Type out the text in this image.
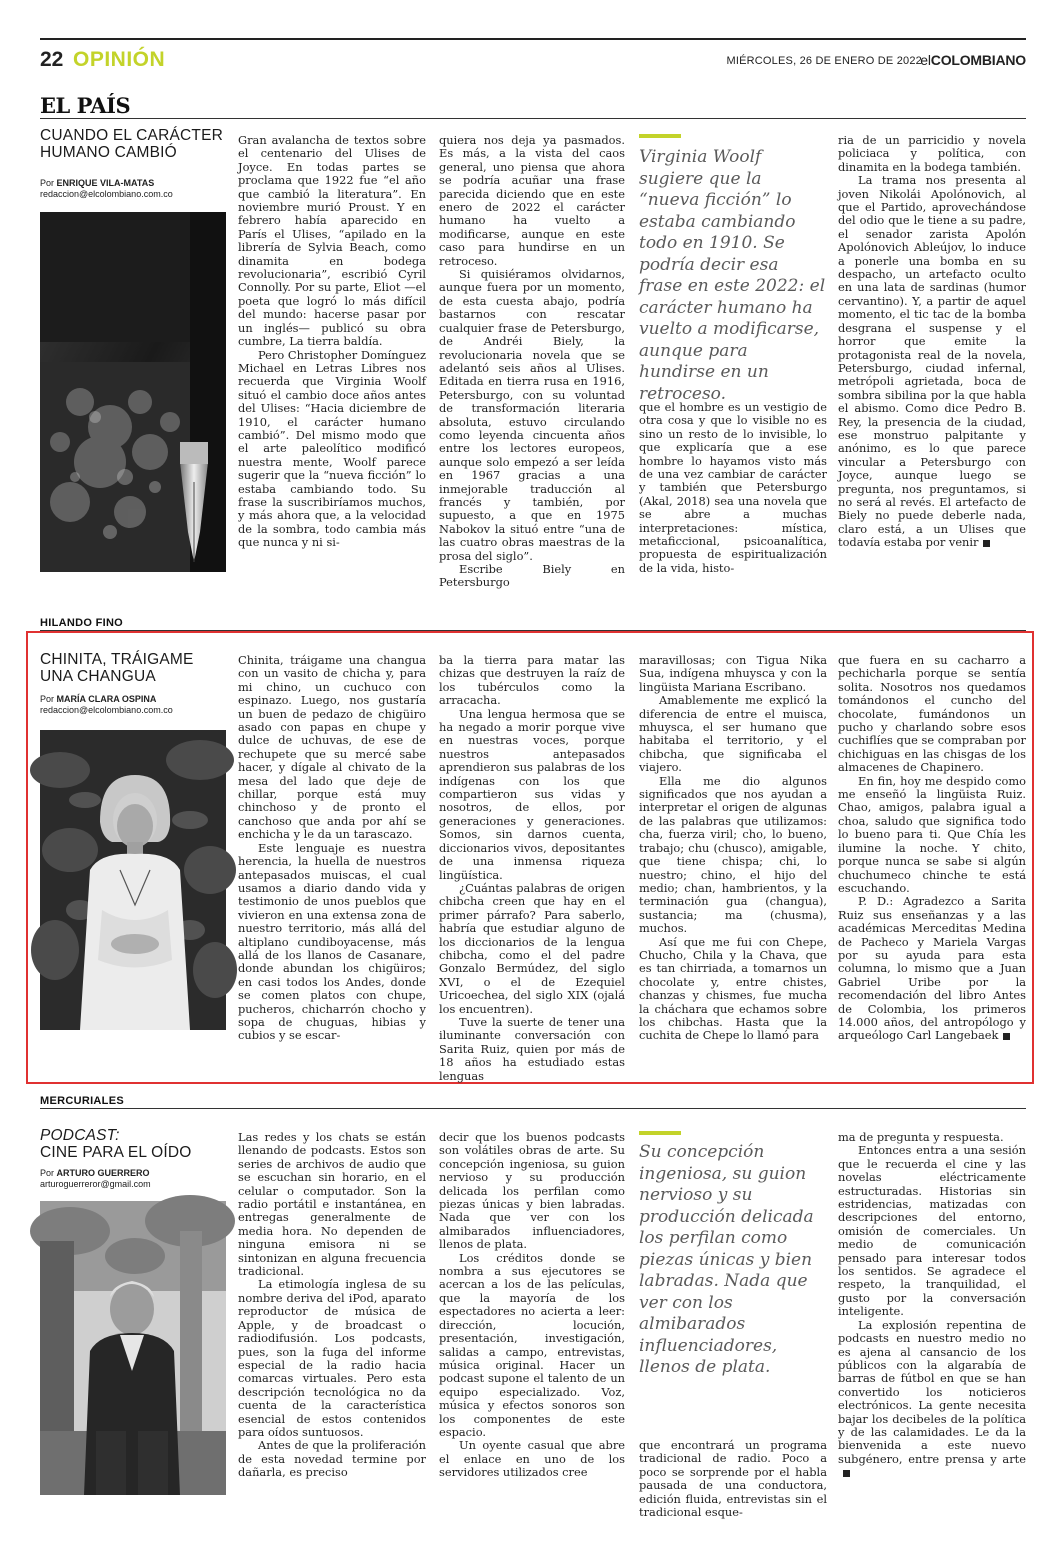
22 OPINIÓN	MIÉRCOLES, 26 DE ENERO DE 2022
elCOLOMBIANO
EL PAÍS
CUANDO EL CARÁCTER HUMANO CAMBIÓ
Por ENRIQUE VILA-MATAS
redaccion@elcolombiano.com.co

Gran avalancha de textos sobre el centenario del Ulises de Joyce. En todas partes se proclama que 1922 fue “el año que cambió la literatura”. En noviembre murió Proust. Y en febrero había aparecido en París el Ulises, “apilado en la librería de Sylvia Beach, como dinamita en bodega revolucionaria”, escribió Cyril Connolly. Por su parte, Eliot —el poeta que logró lo más difícil del mundo: hacerse pasar por un inglés— publicó su obra cumbre, La tierra baldía.

Pero Christopher Domínguez Michael en Letras Libres nos recuerda que Virginia Woolf situó el cambio doce años antes del Ulises: “Hacia diciembre de 1910, el carácter humano cambió”. Del mismo modo que el arte paleolítico modificó nuestra mente, Woolf parece sugerir que la “nueva ficción” lo estaba cambiando todo. Su frase la suscribiríamos muchos, y más ahora que, a la velocidad de la sombra, todo cambia más que nunca y ni si-

quiera nos deja ya pasmados. Es más, a la vista del caos general, uno piensa que ahora se podría acuñar una frase parecida diciendo que en este enero de 2022 el carácter humano ha vuelto a modificarse, aunque en este caso para hundirse en un retroceso.

Si quisiéramos olvidarnos, aunque fuera por un momento, de esta cuesta abajo, podría bastarnos con rescatar cualquier frase de Petersburgo, de Andréi Biely, la revolucionaria novela que se adelantó seis años al Ulises. Editada en tierra rusa en 1916, Petersburgo, con su voluntad de transformación literaria absoluta, estuvo circulando como leyenda cincuenta años entre los lectores europeos, aunque solo empezó a ser leída en 1967 gracias a una inmejorable traducción al francés y también, por supuesto, a que en 1975 Nabokov la situó entre “una de las cuatro obras maestras de la prosa del siglo”.

Escribe Biely en Petersburgo

Virginia Woolf sugiere que la “nueva ficción” lo estaba cambiando todo en 1910. Se podría decir esa frase en este 2022: el carácter humano ha vuelto a modificarse, aunque para hundirse en un retroceso.

que el hombre es un vestigio de otra cosa y que lo visible no es sino un resto de lo invisible, lo que explicaría que a ese hombre lo hayamos visto más de una vez cambiar de carácter y también que Petersburgo (Akal, 2018) sea una novela que se abre a muchas interpretaciones: mística, metaficcional, psicoanalítica, propuesta de espiritualización de la vida, histo-

ria de un parricidio y novela policiaca y política, con dinamita en la bodega también.

La trama nos presenta al joven Nikolái Apolónovich, al que el Partido, aprovechándose del odio que le tiene a su padre, el senador zarista Apolón Apolónovich Ableújov, lo induce a ponerle una bomba en su despacho, un artefacto oculto en una lata de sardinas (humor cervantino). Y, a partir de aquel momento, el tic tac de la bomba desgrana el suspense y el horror que emite la protagonista real de la novela, Petersburgo, ciudad infernal, metrópoli agrietada, boca de sombra sibilina por la que habla el abismo. Como dice Pedro B. Rey, la presencia de la ciudad, ese monstruo palpitante y anónimo, es lo que parece vincular a Petersburgo con Joyce, aunque luego se pregunta, nos preguntamos, si no será al revés. El artefacto de Biely no puede deberle nada, claro está, a un Ulises que todavía estaba por venir

HILANDO FINO
CHINITA, TRÁIGAME UNA CHANGUA
Por MARÍA CLARA OSPINA
redaccion@elcolombiano.com.co

Chinita, tráigame una changua con un vasito de chicha y, para mi chino, un cuchuco con espinazo. Luego, nos gustaría un buen de pedazo de chigüiro asado con papas en chupe y dulce de uchuvas, de ese de rechupete que su mercé sabe hacer, y dígale al chivato de la mesa del lado que deje de chillar, porque está muy chinchoso y de pronto el canchoso que anda por ahí se enchicha y le da un tarascazo.

Este lenguaje es nuestra herencia, la huella de nuestros antepasados muiscas, el cual usamos a diario dando vida y testimonio de unos pueblos que vivieron en una extensa zona de nuestro territorio, más allá del altiplano cundiboyacense, más allá de los llanos de Casanare, donde abundan los chigüiros; en casi todos los Andes, donde se comen platos con chupe, pucheros, chicharrón chocho y sopa de chuguas, hibias y cubios y se escar-

ba la tierra para matar las chizas que destruyen la raíz de los tubérculos como la arracacha.

Una lengua hermosa que se ha negado a morir porque vive en nuestras voces, porque nuestros antepasados aprendieron sus palabras de los indígenas con los que compartieron sus vidas y nosotros, de ellos, por generaciones y generaciones. Somos, sin darnos cuenta, diccionarios vivos, depositantes de una inmensa riqueza lingüística.

¿Cuántas palabras de origen chibcha creen que hay en el primer párrafo? Para saberlo, habría que estudiar alguno de los diccionarios de la lengua chibcha, como el del padre Gonzalo Bermúdez, del siglo XVI, o el de Ezequiel Uricoechea, del siglo XIX (ojalá los encuentren).

Tuve la suerte de tener una iluminante conversación con Sarita Ruiz, quien por más de 18 años ha estudiado estas lenguas

maravillosas; con Tigua Nika Sua, indígena mhuysca y con la lingüista Mariana Escribano.

Amablemente me explicó la diferencia de entre el muisca, mhuysca, el ser humano que habitaba el territorio, y el chibcha, que significaba el viajero.

Ella me dio algunos significados que nos ayudan a interpretar el origen de algunas de las palabras que utilizamos: cha, fuerza viril; cho, lo bueno, trabajo; chu (chusco), amigable, que tiene chispa; chi, lo nuestro; chino, el hijo del medio; chan, hambrientos, y la terminación gua (changua), sustancia; ma (chusma), muchos.

Así que me fui con Chepe, Chucho, Chila y la Chava, que es tan chirriada, a tomarnos un chocolate y, entre chistes, chanzas y chismes, fue mucha la cháchara que echamos sobre los chibchas. Hasta que la cuchita de Chepe lo llamó para

que fuera en su cacharro a pechicharla porque se sentía solita. Nosotros nos quedamos tomándonos el cuncho del chocolate, fumándonos un pucho y charlando sobre esos cuchiflíes que se compraban por chichiguas en las chisgas de los almacenes de Chapinero.

En fin, hoy me despido como me enseñó la lingüista Ruiz. Chao, amigos, palabra igual a choa, saludo que significa todo lo bueno para ti. Que Chía les ilumine la noche. Y chito, porque nunca se sabe si algún chuchumeco chinche te está escuchando.

P. D.: Agradezco a Sarita Ruiz sus enseñanzas y a las académicas Merceditas Medina de Pacheco y Mariela Vargas por su ayuda para esta columna, lo mismo que a Juan Gabriel Uribe por la recomendación del libro Antes de Colombia, los primeros 14.000 años, del antropólogo y arqueólogo Carl Langebaek

MERCURIALES
PODCAST:
CINE PARA EL OÍDO
Por ARTURO GUERRERO
arturoguerreror@gmail.com

Las redes y los chats se están llenando de podcasts. Estos son series de archivos de audio que se escuchan sin horario, en el celular o computador. Son la radio portátil e instantánea, en entregas generalmente de media hora. No dependen de ninguna emisora ni se sintonizan en alguna frecuencia tradicional.

La etimología inglesa de su nombre deriva del iPod, aparato reproductor de música de Apple, y de broadcast o radiodifusión. Los podcasts, pues, son la fuga del informe especial de la radio hacia comarcas virtuales. Pero esta descripción tecnológica no da cuenta de la característica esencial de estos contenidos para oídos suntuosos.

Antes de que la proliferación de esta novedad termine por dañarla, es preciso

decir que los buenos podcasts son volátiles obras de arte. Su concepción ingeniosa, su guion nervioso y su producción delicada los perfilan como piezas únicas y bien labradas. Nada que ver con los almibarados influenciadores, llenos de plata.

Los créditos donde se nombra a sus ejecutores se acercan a los de las películas, que la mayoría de los espectadores no acierta a leer: dirección, locución, presentación, investigación, salidas a campo, entrevistas, música original. Hacer un podcast supone el talento de un equipo especializado. Voz, música y efectos sonoros son los componentes de este espacio.

Un oyente casual que abre el enlace en uno de los servidores utilizados cree

Su concepción ingeniosa, su guion nervioso y su producción delicada los perfilan como piezas únicas y bien labradas. Nada que ver con los almibarados influenciadores, llenos de plata.

que encontrará un programa tradicional de radio. Poco a poco se sorprende por el habla pausada de una conductora, edición fluida, entrevistas sin el tradicional esque-

ma de pregunta y respuesta.

Entonces entra a una sesión que le recuerda el cine y las novelas eléctricamente estructuradas. Historias sin estridencias, matizadas con descripciones del entorno, omisión de comerciales. Un medio de comunicación pensado para interesar todos los sentidos. Se agradece el respeto, la tranquilidad, el gusto por la conversación inteligente.

La explosión repentina de podcasts en nuestro medio no es ajena al cansancio de los públicos con la algarabía de barras de fútbol en que se han convertido los noticieros electrónicos. La gente necesita bajar los decibeles de la política y de las calamidades. Le da la bienvenida a este nuevo subgénero, entre prensa y arte
